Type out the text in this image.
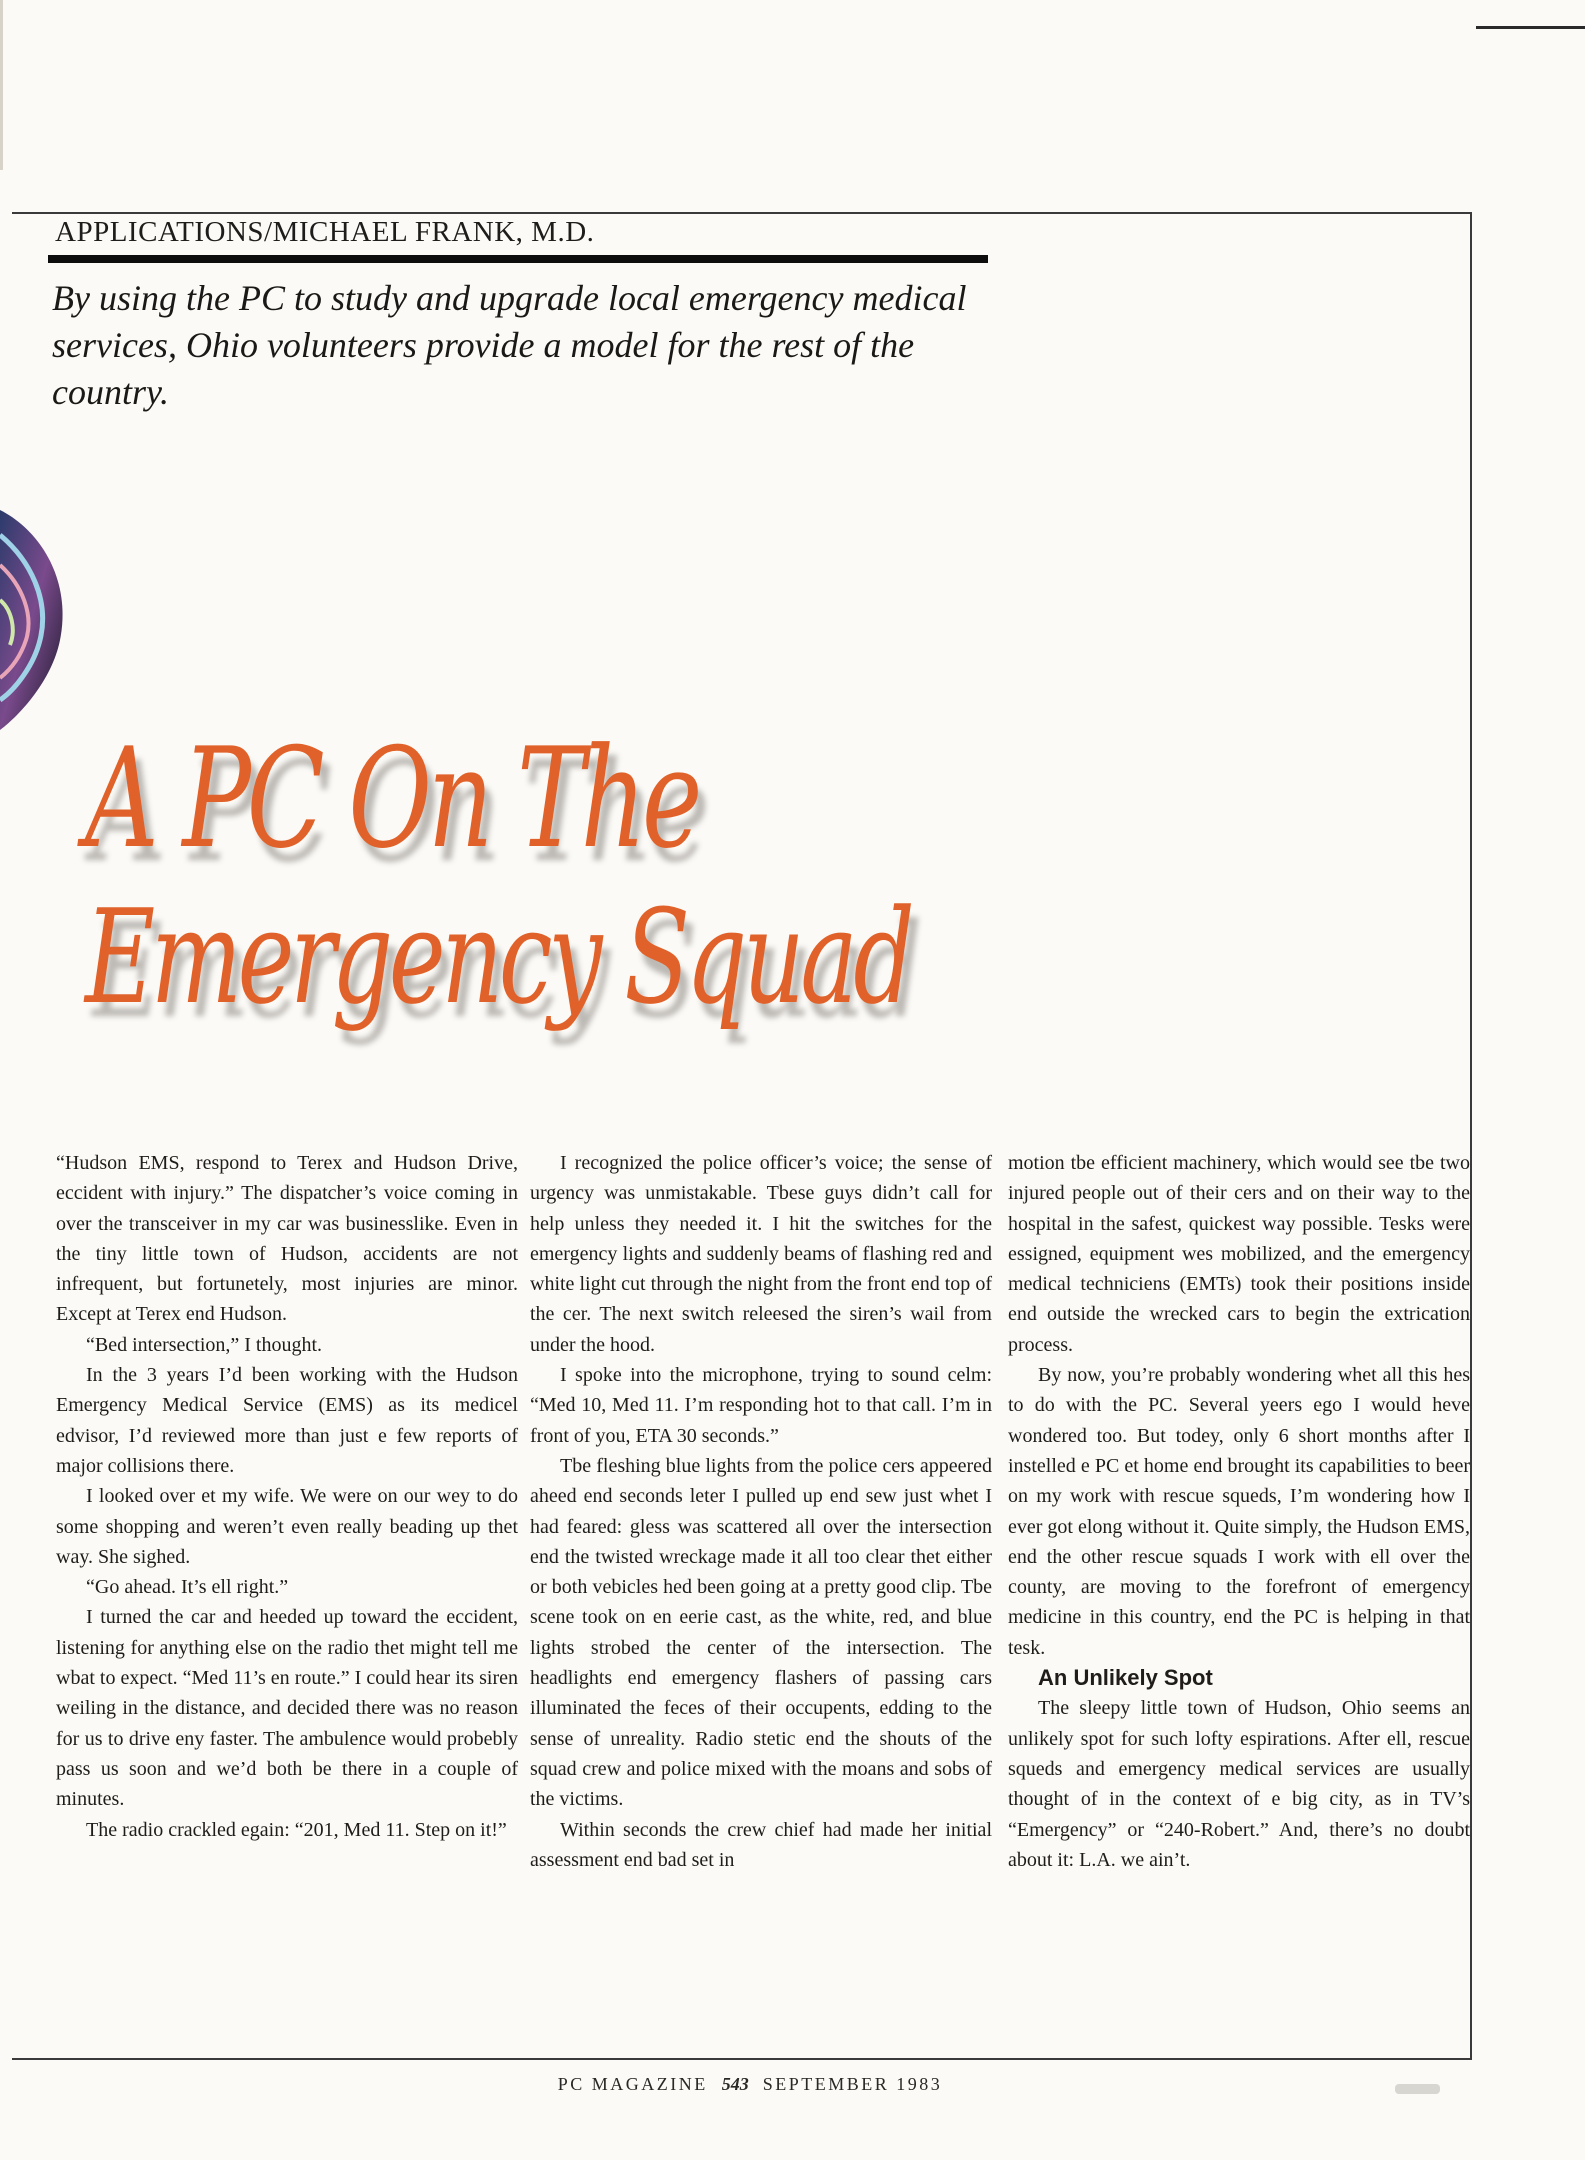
APPLICATIONS/MICHAEL FRANK, M.D.
By using the PC to study and upgrade local emergency medical services, Ohio volunteers provide a model for the rest of the country.
A PC On The
Emergency Squad

“Hudson EMS, respond to Terex and Hudson Drive, eccident with injury.” The dispatcher’s voice coming in over the transceiver in my car was businesslike. Even in the tiny little town of Hudson, accidents are not infrequent, but fortunetely, most injuries are minor. Except at Terex end Hudson.

“Bed intersection,” I thought.

In the 3 years I’d been working with the Hudson Emergency Medical Service (EMS) as its medicel edvisor, I’d reviewed more than just e few reports of major collisions there.

I looked over et my wife. We were on our wey to do some shopping and weren’t even really beading up thet way. She sighed.

“Go ahead. It’s ell right.”

I turned the car and heeded up toward the eccident, listening for anything else on the radio thet might tell me wbat to expect. “Med 11’s en route.” I could hear its siren weiling in the distance, and decided there was no reason for us to drive eny faster. The ambulence would probebly pass us soon and we’d both be there in a couple of minutes.

The radio crackled egain: “201, Med 11. Step on it!”

I recognized the police officer’s voice; the sense of urgency was unmistakable. Tbese guys didn’t call for help unless they needed it. I hit the switches for the emergency lights and suddenly beams of flashing red and white light cut through the night from the front end top of the cer. The next switch releesed the siren’s wail from under the hood.

I spoke into the microphone, trying to sound celm: “Med 10, Med 11. I’m responding hot to that call. I’m in front of you, ETA 30 seconds.”

Tbe fleshing blue lights from the police cers appeered aheed end seconds leter I pulled up end sew just whet I had feared: gless was scattered all over the intersection end the twisted wreckage made it all too clear thet either or both vebicles hed been going at a pretty good clip. Tbe scene took on en eerie cast, as the white, red, and blue lights strobed the center of the intersection. The headlights end emergency flashers of passing cars illuminated the feces of their occupents, edding to the sense of unreality. Radio stetic end the shouts of the squad crew and police mixed with the moans and sobs of the victims.

Within seconds the crew chief had made her initial assessment end bad set in

motion tbe efficient machinery, which would see tbe two injured people out of their cers and on their way to the hospital in the safest, quickest way possible. Tesks were essigned, equipment wes mobilized, and the emergency medical techniciens (EMTs) took their positions inside end outside the wrecked cars to begin the extrication process.

By now, you’re probably wondering whet all this hes to do with the PC. Several yeers ego I would heve wondered too. But todey, only 6 short months after I instelled e PC et home end brought its capabilities to beer on my work with rescue squeds, I’m wondering how I ever got elong without it. Quite simply, the Hudson EMS, end the other rescue squads I work with ell over the county, are moving to the forefront of emergency medicine in this country, end the PC is helping in that tesk.

An Unlikely Spot

The sleepy little town of Hudson, Ohio seems an unlikely spot for such lofty espirations. After ell, rescue squeds and emergency medical services are usually thought of in the context of e big city, as in TV’s “Emergency” or “240-Robert.” And, there’s no doubt about it: L.A. we ain’t.

PC MAGAZINE 543 SEPTEMBER 1983
